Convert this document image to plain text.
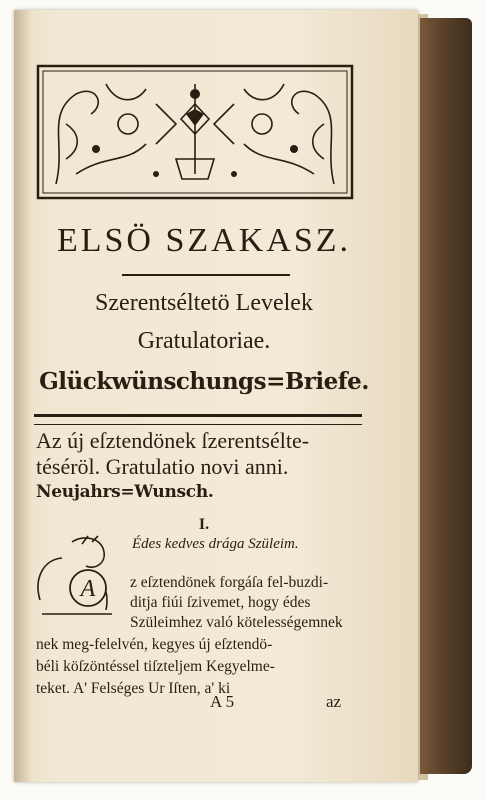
ELSÖ SZAKASZ.
Szerentséltetö Levelek
Gratulatoriae.
Glückwünschungs=Briefe.
Az új eſztendönek ſzerentsélte-
téséröl. Gratulatio novi anni.
Neujahrs=Wunsch.
I.
Édes kedves drága Szüleim.
A z eſztendönek forgáſa fel-buzdi-
ditja fiúi ſzivemet, hogy édes
Szüleimhez való kötelességemnek
nek meg-felelvén, kegyes új eſztendö-
béli köſzöntéssel tiſzteljem Kegyelme-
teket. A' Felséges Ur Iſten, a' ki
A 5	az
